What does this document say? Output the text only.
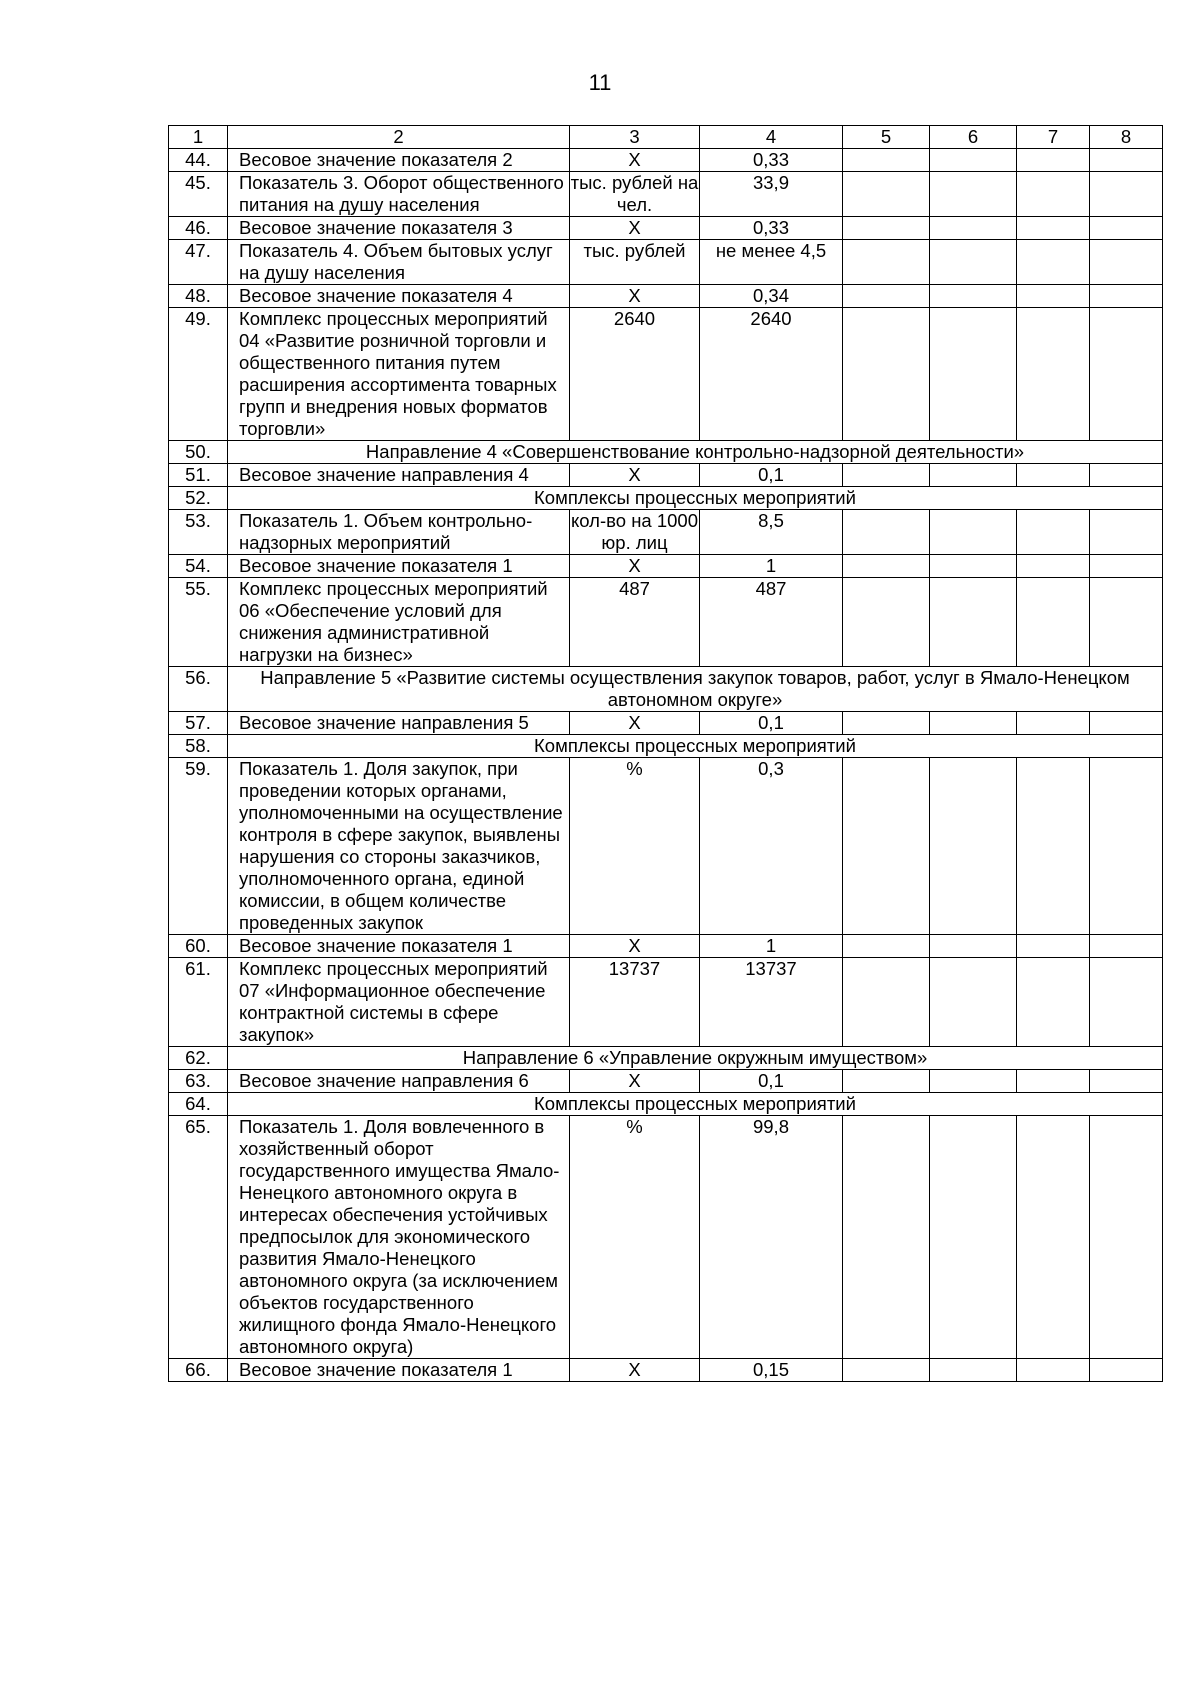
11
1	2	3	4	5	6	7	8
44.	Весовое значение показателя 2	Х	0,33				
45.	Показатель 3. Оборот общественного питания на душу населения	тыс. рублей на чел.	33,9				
46.	Весовое значение показателя 3	Х	0,33				
47.	Показатель 4. Объем бытовых услуг на душу населения	тыс. рублей	не менее 4,5				
48.	Весовое значение показателя 4	Х	0,34				
49.	Комплекс процессных мероприятий 04 «Развитие розничной торговли и общественного питания путем расширения ассортимента товарных групп и внедрения новых форматов торговли»	2640	2640				
50.	Направление 4 «Совершенствование контрольно-надзорной деятельности»						
51.	Весовое значение направления 4	Х	0,1				
52.	Комплексы процессных мероприятий						
53.	Показатель 1. Объем контрольно-надзорных мероприятий	кол-во на 1000 юр. лиц	8,5				
54.	Весовое значение показателя 1	Х	1				
55.	Комплекс процессных мероприятий 06 «Обеспечение условий для снижения административной нагрузки на бизнес»	487	487				
56.	Направление 5 «Развитие системы осуществления закупок товаров, работ, услуг в Ямало-Ненецком автономном округе»						
57.	Весовое значение направления 5	Х	0,1				
58.	Комплексы процессных мероприятий						
59.	Показатель 1. Доля закупок, при проведении которых органами, уполномоченными на осуществление контроля в сфере закупок, выявлены нарушения со стороны заказчиков, уполномоченного органа, единой комиссии, в общем количестве проведенных закупок	%	0,3				
60.	Весовое значение показателя 1	Х	1				
61.	Комплекс процессных мероприятий 07 «Информационное обеспечение контрактной системы в сфере закупок»	13737	13737				
62.	Направление 6 «Управление окружным имуществом»						
63.	Весовое значение направления 6	Х	0,1				
64.	Комплексы процессных мероприятий						
65.	Показатель 1. Доля вовлеченного в хозяйственный оборот государственного имущества Ямало-Ненецкого автономного округа в интересах обеспечения устойчивых предпосылок для экономического развития Ямало-Ненецкого автономного округа (за исключением объектов государственного жилищного фонда Ямало-Ненецкого автономного округа)	%	99,8				
66.	Весовое значение показателя 1	Х	0,15				
